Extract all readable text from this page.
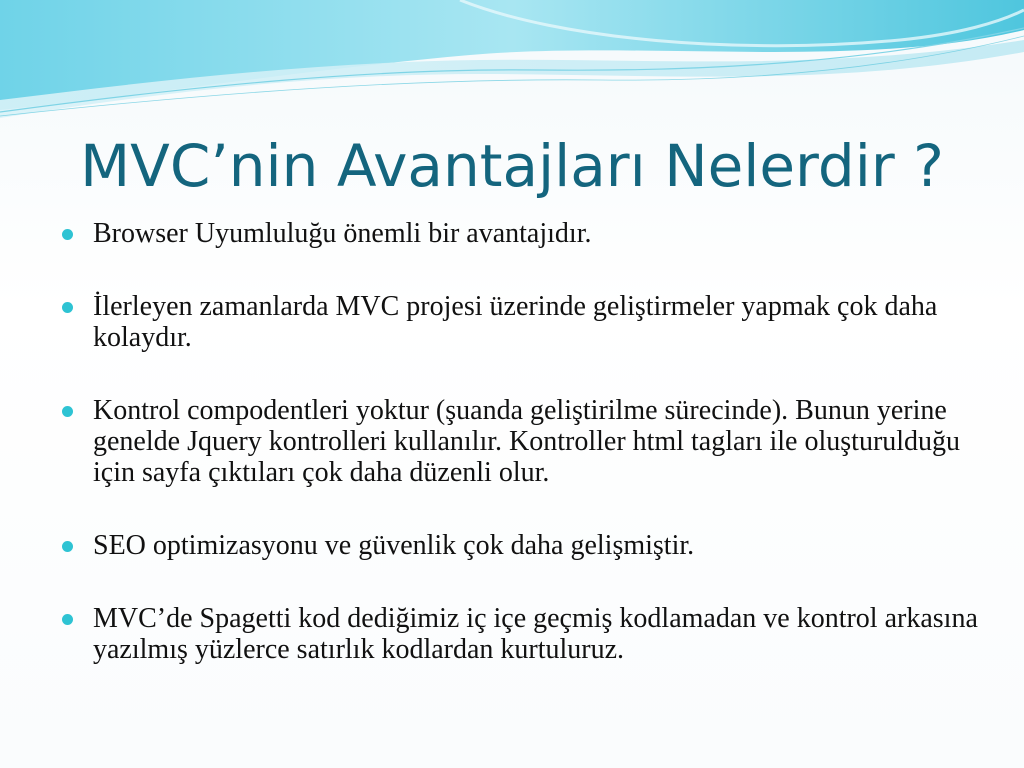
MVC’nin Avantajları Nelerdir ?
Browser Uyumluluğu önemli bir avantajıdır.
İlerleyen zamanlarda MVC projesi üzerinde geliştirmeler yapmak çok daha kolaydır.
Kontrol compodentleri yoktur (şuanda geliştirilme sürecinde). Bunun yerine genelde Jquery kontrolleri kullanılır. Kontroller html tagları ile oluşturulduğu için sayfa çıktıları çok daha düzenli olur.
SEO optimizasyonu ve güvenlik çok daha gelişmiştir.
MVC’de Spagetti kod dediğimiz iç içe geçmiş kodlamadan ve kontrol arkasına yazılmış yüzlerce satırlık kodlardan kurtuluruz.
